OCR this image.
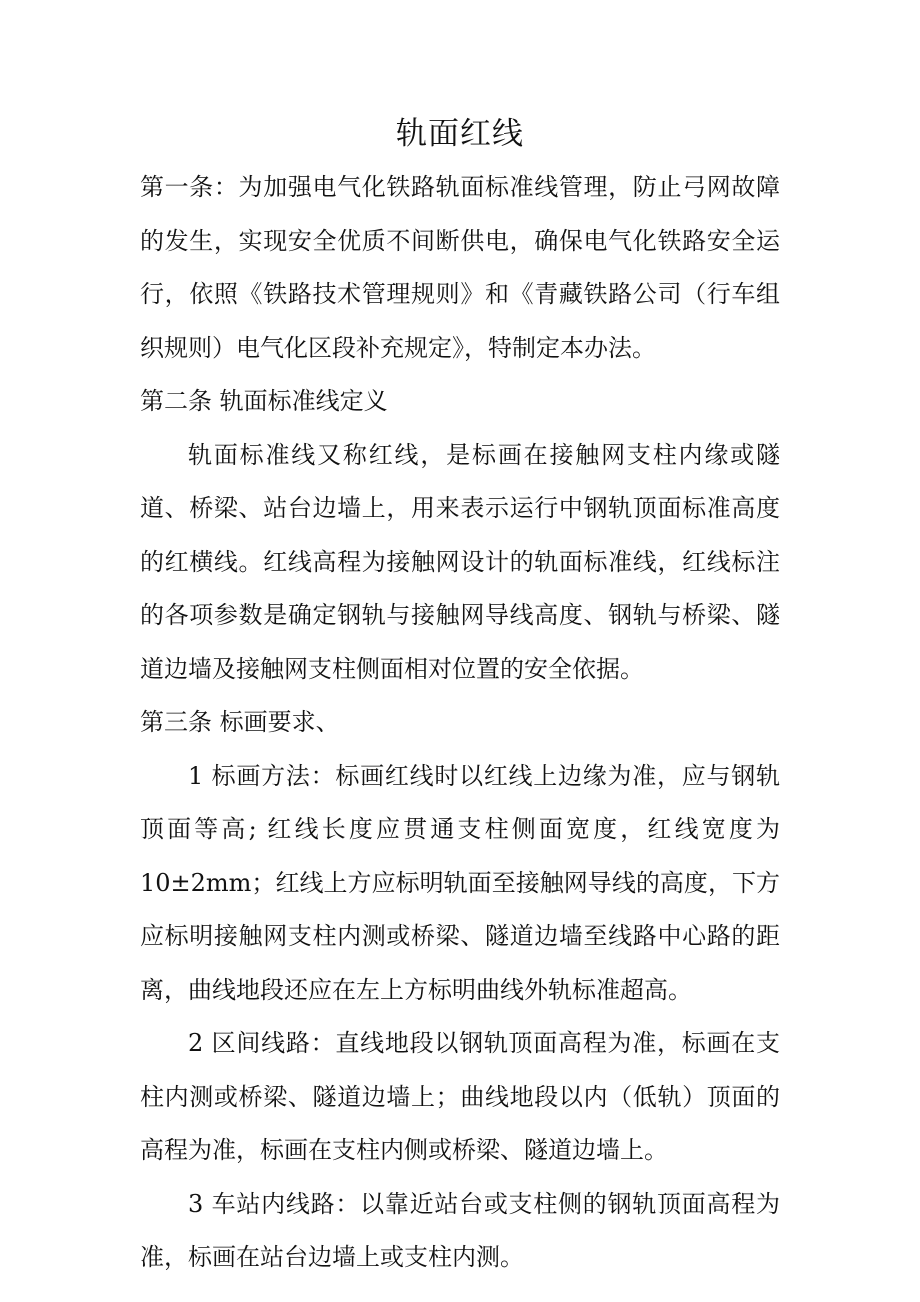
轨面红线

第一条：为加强电气化铁路轨面标准线管理，防止弓网故障的发生，实现安全优质不间断供电，确保电气化铁路安全运行，依照《铁路技术管理规则》和《青藏铁路公司（行车组织规则）电气化区段补充规定》，特制定本办法。

第二条 轨面标准线定义

轨面标准线又称红线，是标画在接触网支柱内缘或隧道、桥梁、站台边墙上，用来表示运行中钢轨顶面标准高度的红横线。红线高程为接触网设计的轨面标准线，红线标注的各项参数是确定钢轨与接触网导线高度、钢轨与桥梁、隧道边墙及接触网支柱侧面相对位置的安全依据。

第三条 标画要求、

1 标画方法：标画红线时以红线上边缘为准，应与钢轨顶面等高; 红线长度应贯通支柱侧面宽度，红线宽度为 10±2mm；红线上方应标明轨面至接触网导线的高度，下方应标明接触网支柱内测或桥梁、隧道边墙至线路中心路的距离，曲线地段还应在左上方标明曲线外轨标准超高。

2 区间线路：直线地段以钢轨顶面高程为准，标画在支柱内测或桥梁、隧道边墙上；曲线地段以内（低轨）顶面的高程为准，标画在支柱内侧或桥梁、隧道边墙上。

3 车站内线路：以靠近站台或支柱侧的钢轨顶面高程为准，标画在站台边墙上或支柱内测。
